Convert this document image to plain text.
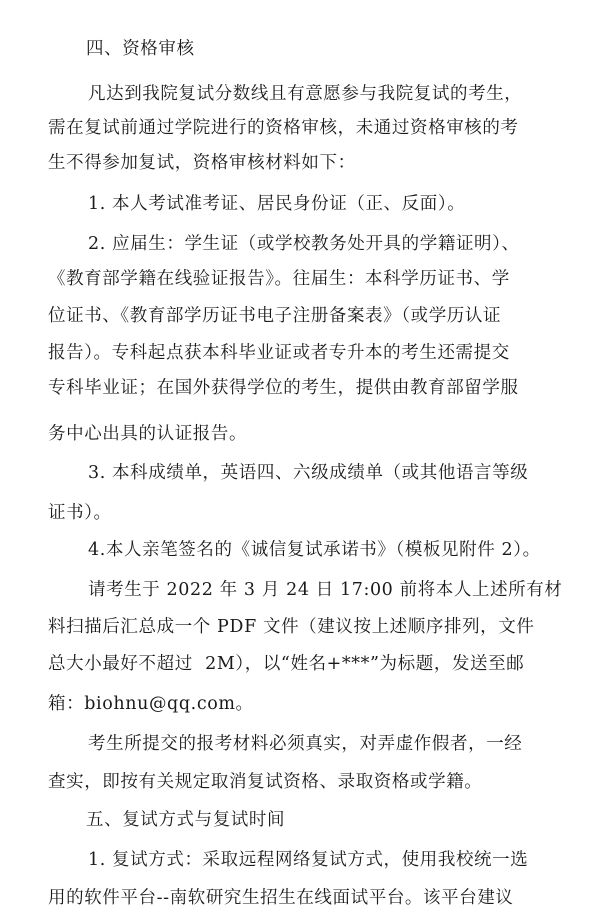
四、资格审核
凡达到我院复试分数线且有意愿参与我院复试的考生，
需在复试前通过学院进行的资格审核，未通过资格审核的考
生不得参加复试，资格审核材料如下：
1. 本人考试准考证、居民身份证（正、反面）。
2. 应届生：学生证（或学校教务处开具的学籍证明）、
《教育部学籍在线验证报告》。往届生：本科学历证书、学
位证书、《教育部学历证书电子注册备案表》（或学历认证
报告）。专科起点获本科毕业证或者专升本的考生还需提交
专科毕业证；在国外获得学位的考生，提供由教育部留学服
务中心出具的认证报告。
3. 本科成绩单，英语四、六级成绩单（或其他语言等级
证书）。
4.本人亲笔签名的《诚信复试承诺书》（模板见附件 2）。
请考生于 2022 年 3 月 24 日 17:00 前将本人上述所有材
料扫描后汇总成一个 PDF 文件（建议按上述顺序排列，文件
总大小最好不超过  2M），以“姓名+***”为标题，发送至邮
箱：biohnu@qq.com。
考生所提交的报考材料必须真实，对弄虚作假者，一经
查实，即按有关规定取消复试资格、录取资格或学籍。
五、复试方式与复试时间
1. 复试方式：采取远程网络复试方式，使用我校统一选
用的软件平台--南软研究生招生在线面试平台。该平台建议
